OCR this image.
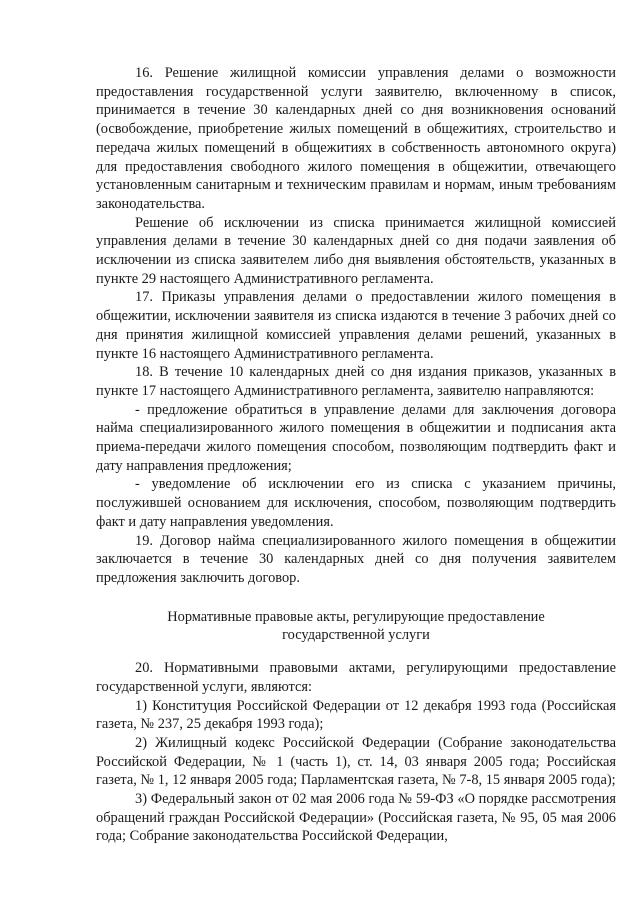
16. Решение жилищной комиссии управления делами о возможности предоставления государственной услуги заявителю, включенному в список, принимается в течение 30 календарных дней со дня возникновения оснований (освобождение, приобретение жилых помещений в общежитиях, строительство и передача жилых помещений в общежитиях в собственность автономного округа) для предоставления свободного жилого помещения в общежитии, отвечающего установленным санитарным и техническим правилам и нормам, иным требованиям законодательства.

Решение об исключении из списка принимается жилищной комиссией управления делами в течение 30 календарных дней со дня подачи заявления об исключении из списка заявителем либо дня выявления обстоятельств, указанных в пункте 29 настоящего Административного регламента.

17. Приказы управления делами о предоставлении жилого помещения в общежитии, исключении заявителя из списка издаются в течение 3 рабочих дней со дня принятия жилищной комиссией управления делами решений, указанных в пункте 16 настоящего Административного регламента.

18. В течение 10 календарных дней со дня издания приказов, указанных в пункте 17 настоящего Административного регламента, заявителю направляются:

- предложение обратиться в управление делами для заключения договора найма специализированного жилого помещения в общежитии и подписания акта приема-передачи жилого помещения способом, позволяющим подтвердить факт и дату направления предложения;

- уведомление об исключении его из списка с указанием причины, послужившей основанием для исключения, способом, позволяющим подтвердить факт и дату направления уведомления.

19. Договор найма специализированного жилого помещения в общежитии заключается в течение 30 календарных дней со дня получения заявителем предложения заключить договор.

Нормативные правовые акты, регулирующие предоставление

государственной услуги

20. Нормативными правовыми актами, регулирующими предоставление государственной услуги, являются:

1) Конституция Российской Федерации от 12 декабря 1993 года (Российская газета, № 237, 25 декабря 1993 года);

2) Жилищный кодекс Российской Федерации (Собрание законодательства Российской Федерации, № 1 (часть 1), ст. 14, 03 января 2005 года; Российская газета, № 1, 12 января 2005 года; Парламентская газета, № 7-8, 15 января 2005 года);

3) Федеральный закон от 02 мая 2006 года № 59-ФЗ «О порядке рассмотрения обращений граждан Российской Федерации» (Российская газета, № 95, 05 мая 2006 года; Собрание законодательства Российской Федерации,
